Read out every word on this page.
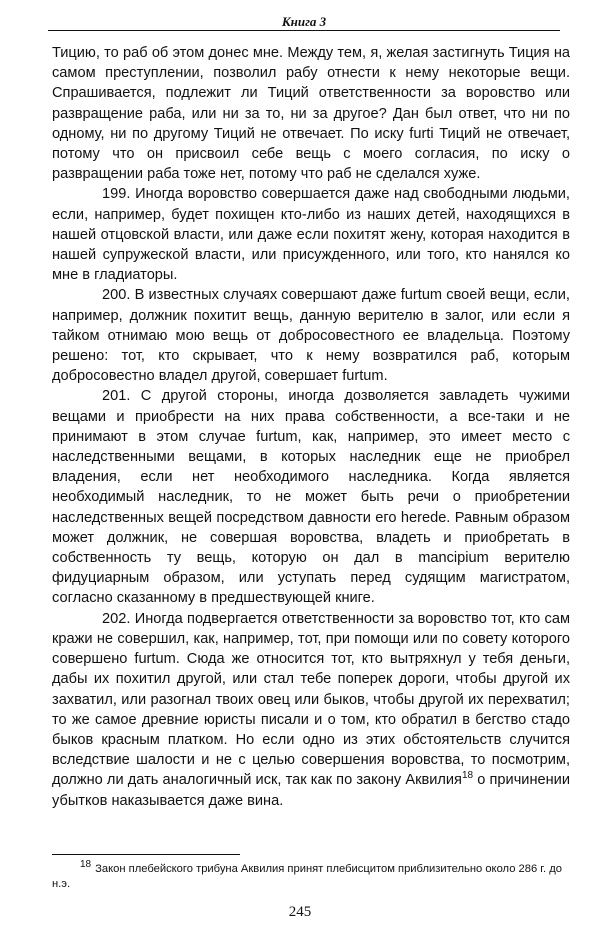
Книга 3

Тицию, то раб об этом донес мне. Между тем, я, желая застигнуть Тиция на самом преступлении, позволил рабу отнести к нему некоторые вещи. Спрашивается, подлежит ли Тиций ответственности за воровство или развращение раба, или ни за то, ни за другое? Дан был ответ, что ни по одному, ни по другому Тиций не отвечает. По иску furti Тиций не отвечает, потому что он присвоил себе вещь с моего согласия, по иску о развращении раба тоже нет, потому что раб не сделался хуже.

199. Иногда воровство совершается даже над свободными людьми, если, например, будет похищен кто-либо из наших детей, находящихся в нашей отцовской власти, или даже если похитят жену, которая находится в нашей супружеской власти, или присужденного, или того, кто нанялся ко мне в гладиаторы.

200. В известных случаях совершают даже furtum своей вещи, если, например, должник похитит вещь, данную верителю в залог, или если я тайком отнимаю мою вещь от добросовестного ее владельца. Поэтому решено: тот, кто скрывает, что к нему возвратился раб, которым добросовестно владел другой, совершает furtum.

201. С другой стороны, иногда дозволяется завладеть чужими вещами и приобрести на них права собственности, а все-таки и не принимают в этом случае furtum, как, например, это имеет место с наследственными вещами, в которых наследник еще не приобрел владения, если нет необходимого наследника. Когда является необходимый наследник, то не может быть речи о приобретении наследственных вещей посредством давности его herede. Равным образом может должник, не совершая воровства, владеть и приобретать в собственность ту вещь, которую он дал в mancipium верителю фидуциарным образом, или уступать перед судящим магистратом, согласно сказанному в предшествующей книге.

202. Иногда подвергается ответственности за воровство тот, кто сам кражи не совершил, как, например, тот, при помощи или по совету которого совершено furtum. Сюда же относится тот, кто вытряхнул у тебя деньги, дабы их похитил другой, или стал тебе поперек дороги, чтобы другой их захватил, или разогнал твоих овец или быков, чтобы другой их перехватил; то же самое древние юристы писали и о том, кто обратил в бегство стадо быков красным платком. Но если одно из этих обстоятельств случится вследствие шалости и не с целью совершения воровства, то посмотрим, должно ли дать аналогичный иск, так как по закону Аквилия$^{18}$ о причинении убытков наказывается даже вина.

18 Закон плебейского трибуна Аквилия принят плебисцитом приблизительно около 286 г. до н.э.
245
